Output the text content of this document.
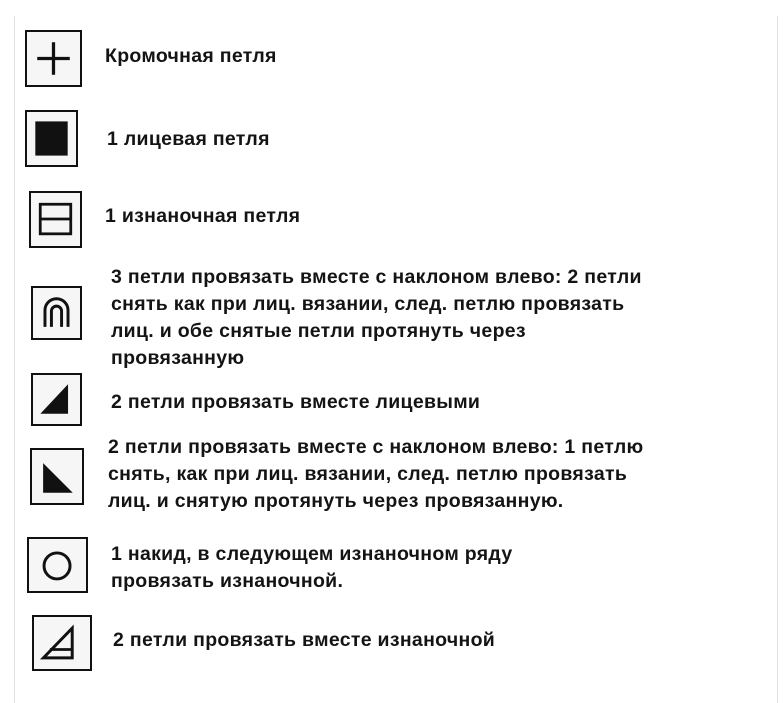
Кромочная петля
1 лицевая петля
1 изнаночная петля
3 петли провязать вместе с наклоном влево: 2 петли
снять как при лиц. вязании, след. петлю провязать
лиц. и обе снятые петли протянуть через
провязанную
2 петли провязать вместе лицевыми
2 петли провязать вместе с наклоном влево: 1 петлю
снять, как при лиц. вязании, след. петлю провязать
лиц. и снятую протянуть через провязанную.
1 накид, в следующем изнаночном ряду
провязать изнаночной.
2 петли провязать вместе изнаночной
